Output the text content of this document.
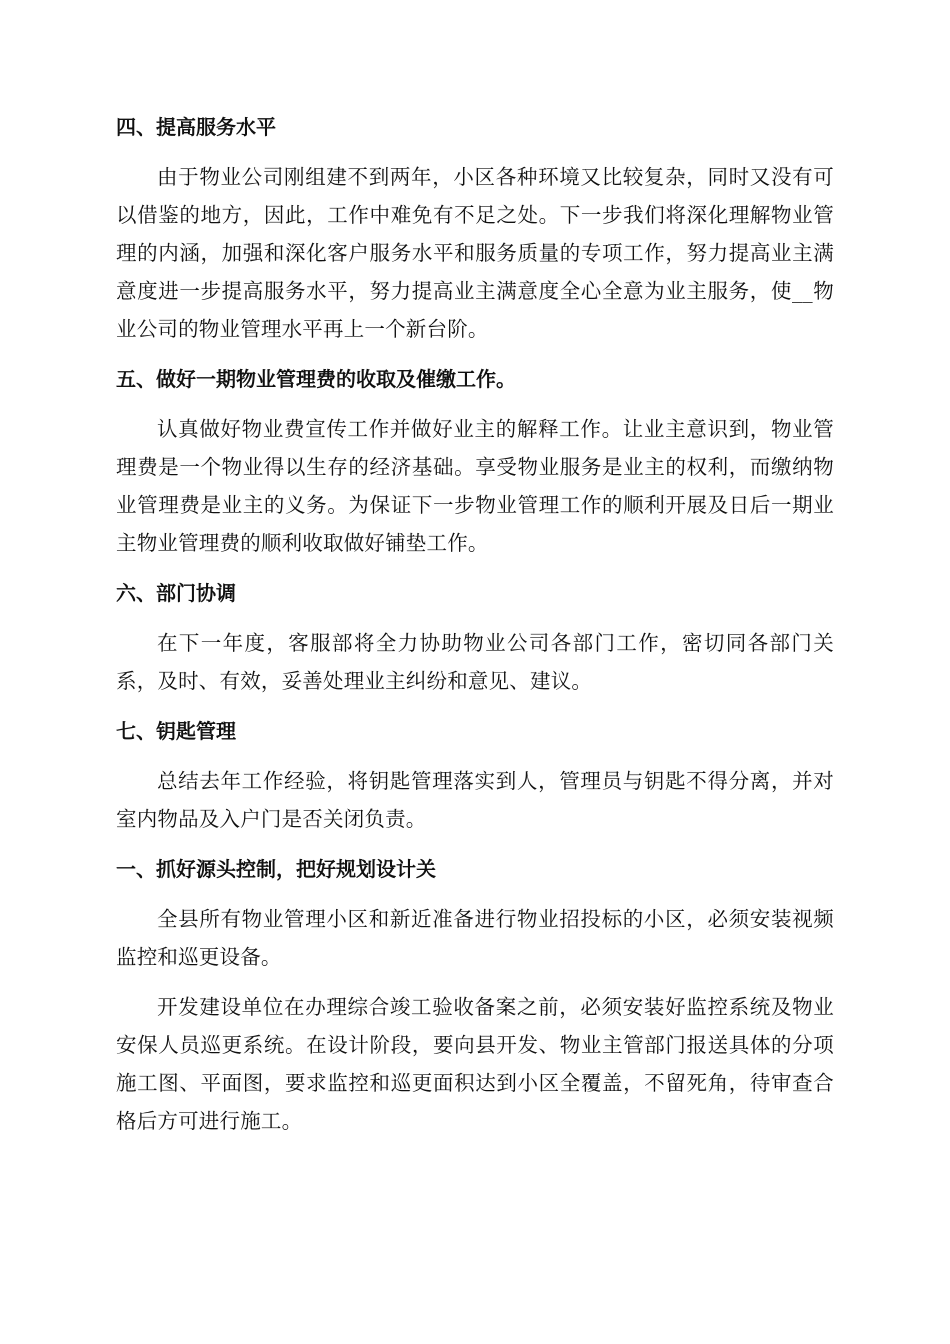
四、提高服务水平

由于物业公司刚组建不到两年，小区各种环境又比较复杂，同时又没有可以借鉴的地方，因此，工作中难免有不足之处。下一步我们将深化理解物业管理的内涵，加强和深化客户服务水平和服务质量的专项工作，努力提高业主满意度进一步提高服务水平，努力提高业主满意度全心全意为业主服务，使__物业公司的物业管理水平再上一个新台阶。

五、做好一期物业管理费的收取及催缴工作。

认真做好物业费宣传工作并做好业主的解释工作。让业主意识到，物业管理费是一个物业得以生存的经济基础。享受物业服务是业主的权利，而缴纳物业管理费是业主的义务。为保证下一步物业管理工作的顺利开展及日后一期业主物业管理费的顺利收取做好铺垫工作。

六、部门协调

在下一年度，客服部将全力协助物业公司各部门工作，密切同各部门关系，及时、有效，妥善处理业主纠纷和意见、建议。

七、钥匙管理

总结去年工作经验，将钥匙管理落实到人，管理员与钥匙不得分离，并对室内物品及入户门是否关闭负责。

一、抓好源头控制，把好规划设计关

全县所有物业管理小区和新近准备进行物业招投标的小区，必须安装视频监控和巡更设备。

开发建设单位在办理综合竣工验收备案之前，必须安装好监控系统及物业安保人员巡更系统。在设计阶段，要向县开发、物业主管部门报送具体的分项施工图、平面图，要求监控和巡更面积达到小区全覆盖，不留死角，待审查合格后方可进行施工。
